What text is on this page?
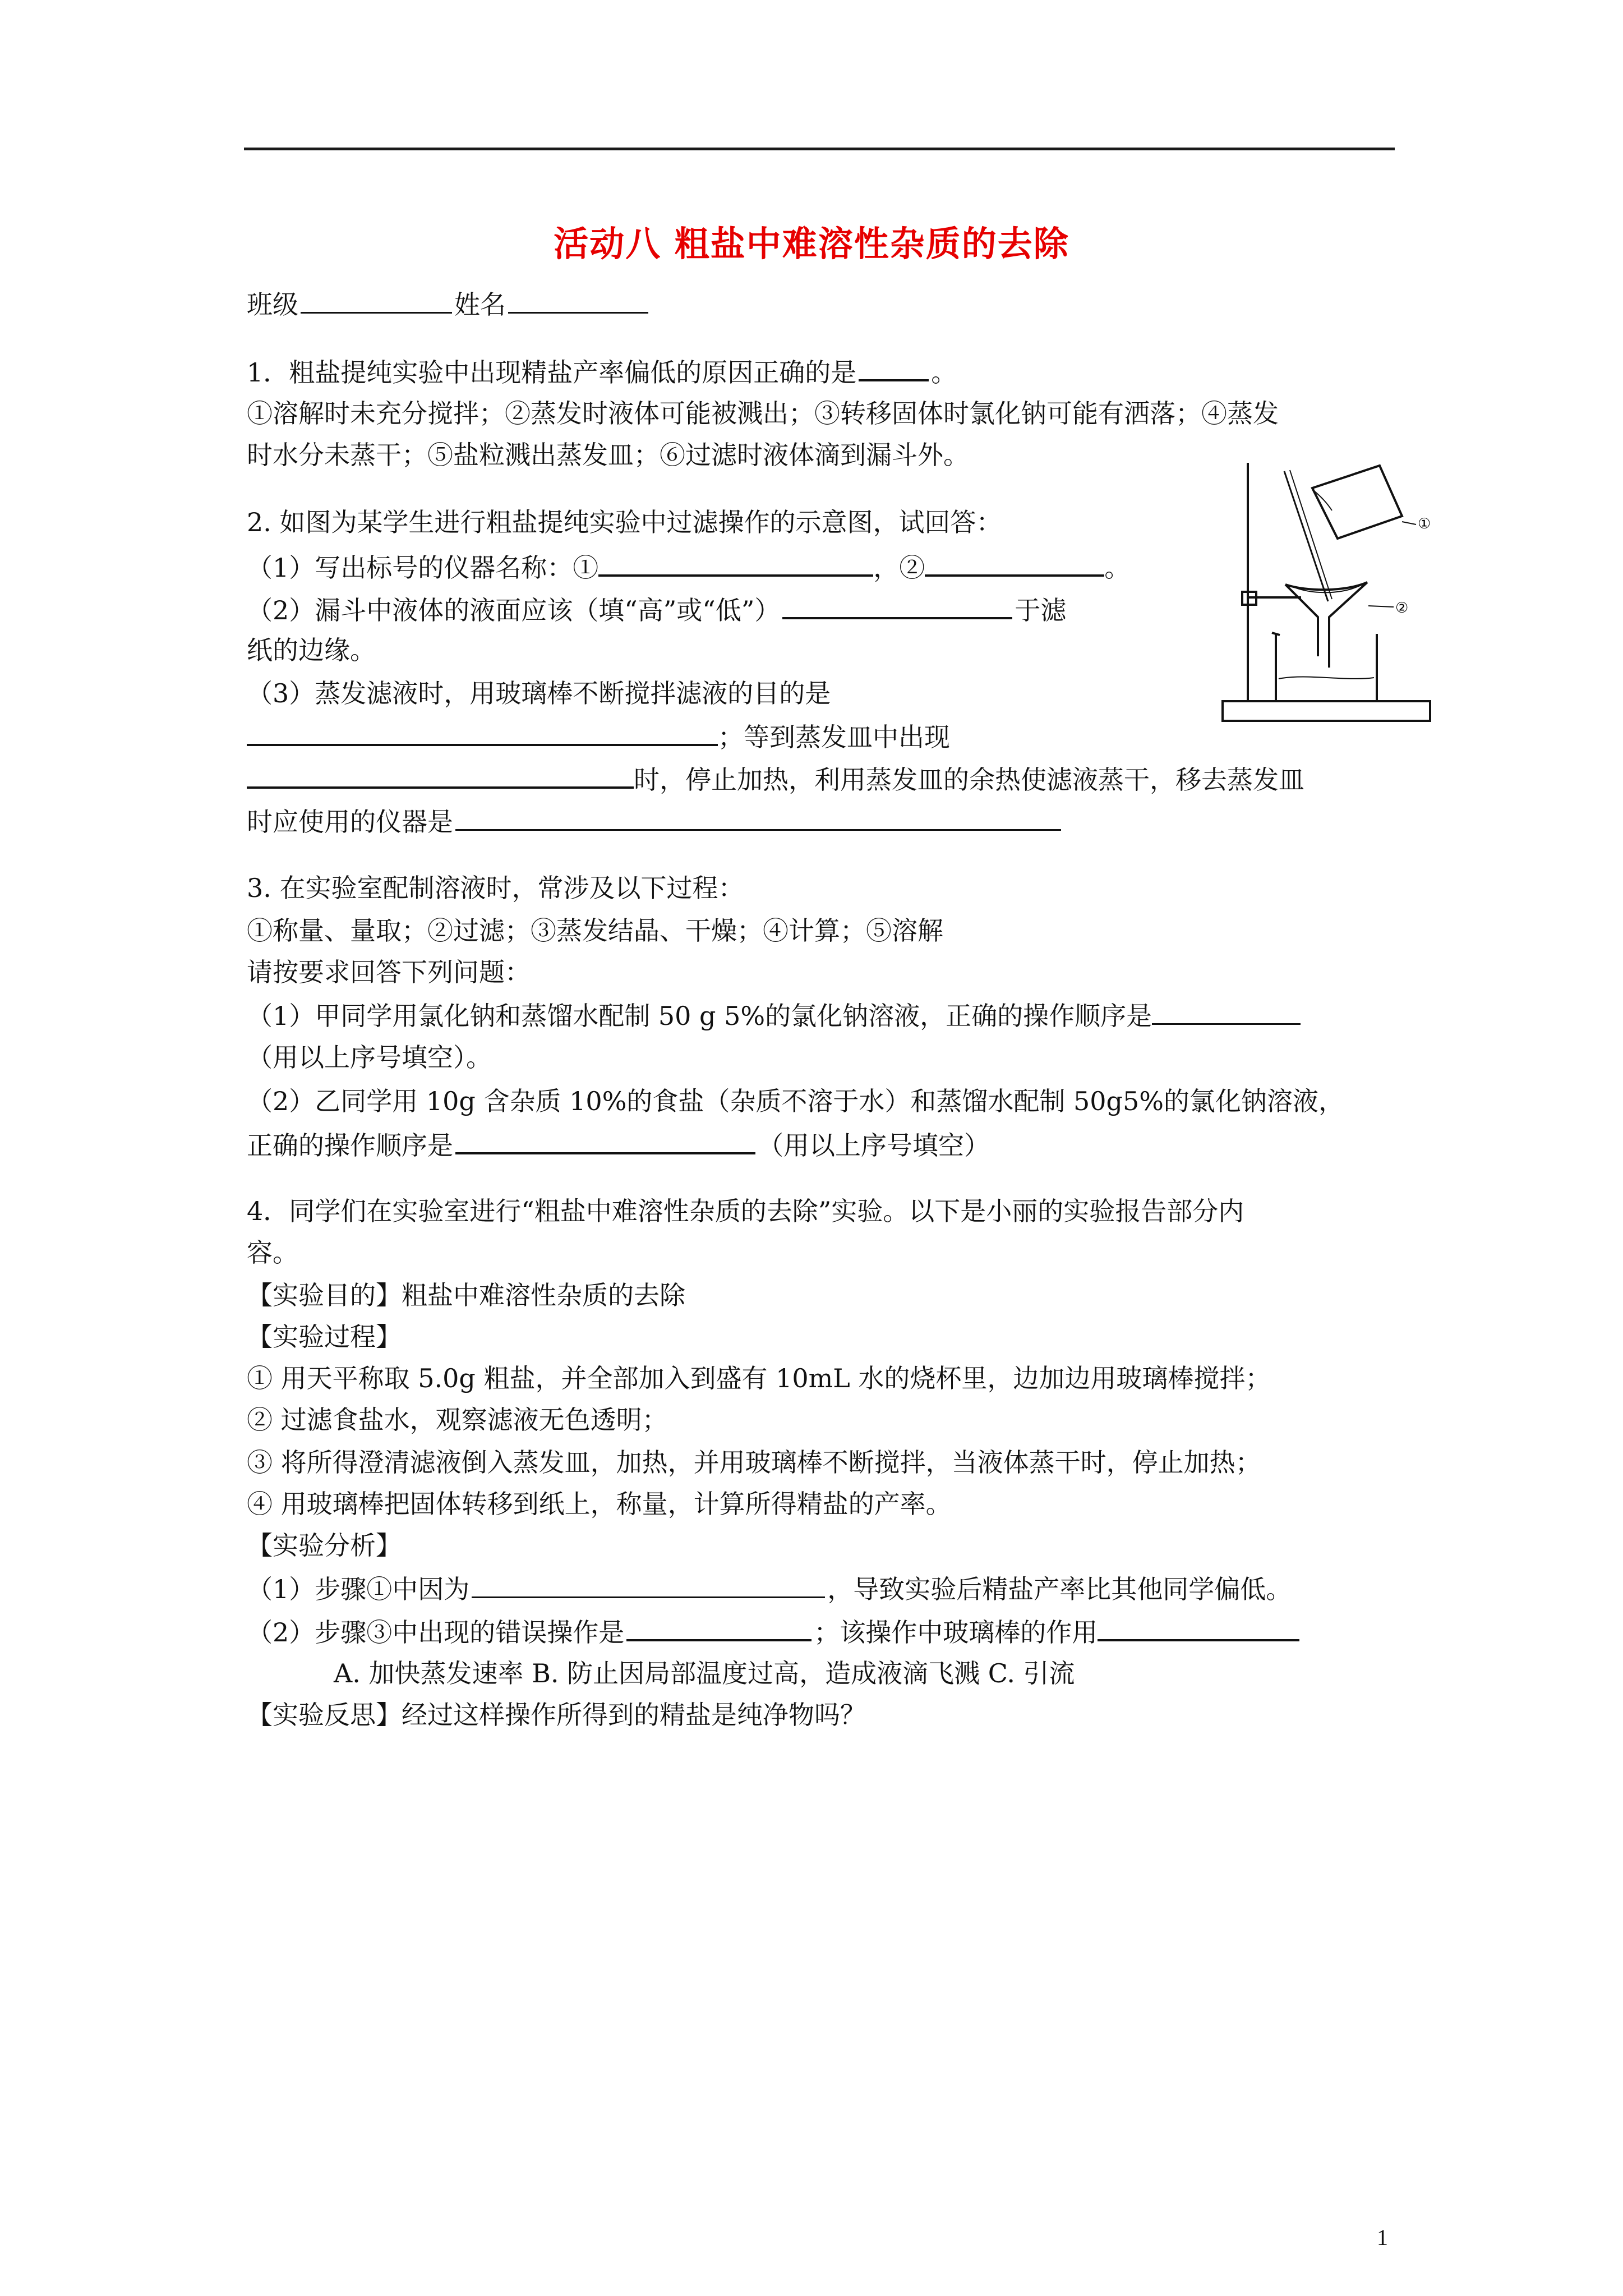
活动八 粗盐中难溶性杂质的去除
班级	姓名
1．粗盐提纯实验中出现精盐产率偏低的原因正确的是	。
①溶解时未充分搅拌；②蒸发时液体可能被溅出；③转移固体时氯化钠可能有洒落；④蒸发
时水分未蒸干；⑤盐粒溅出蒸发皿；⑥过滤时液体滴到漏斗外。
2. 如图为某学生进行粗盐提纯实验中过滤操作的示意图，试回答：
（1）写出标号的仪器名称：①	，②	。
（2）漏斗中液体的液面应该（填“高”或“低”）	于滤
纸的边缘。
（3）蒸发滤液时，用玻璃棒不断搅拌滤液的目的是
；等到蒸发皿中出现
时，停止加热，利用蒸发皿的余热使滤液蒸干，移去蒸发皿
时应使用的仪器是
①
②
3. 在实验室配制溶液时，常涉及以下过程：
①称量、量取；②过滤；③蒸发结晶、干燥；④计算；⑤溶解
请按要求回答下列问题：
（1）甲同学用氯化钠和蒸馏水配制 50 g 5%的氯化钠溶液，正确的操作顺序是
（用以上序号填空）。
（2）乙同学用 10g 含杂质 10%的食盐（杂质不溶于水）和蒸馏水配制 50g5%的氯化钠溶液，
正确的操作顺序是	（用以上序号填空）
4．同学们在实验室进行“粗盐中难溶性杂质的去除”实验。以下是小丽的实验报告部分内
容。
【实验目的】粗盐中难溶性杂质的去除
【实验过程】
① 用天平称取 5.0g 粗盐，并全部加入到盛有 10mL 水的烧杯里，边加边用玻璃棒搅拌；
② 过滤食盐水，观察滤液无色透明；
③ 将所得澄清滤液倒入蒸发皿，加热，并用玻璃棒不断搅拌，当液体蒸干时，停止加热；
④ 用玻璃棒把固体转移到纸上，称量，计算所得精盐的产率。
【实验分析】
（1）步骤①中因为	，导致实验后精盐产率比其他同学偏低。
（2）步骤③中出现的错误操作是	；该操作中玻璃棒的作用
A. 加快蒸发速率 B. 防止因局部温度过高，造成液滴飞溅 C. 引流
【实验反思】经过这样操作所得到的精盐是纯净物吗？
1
